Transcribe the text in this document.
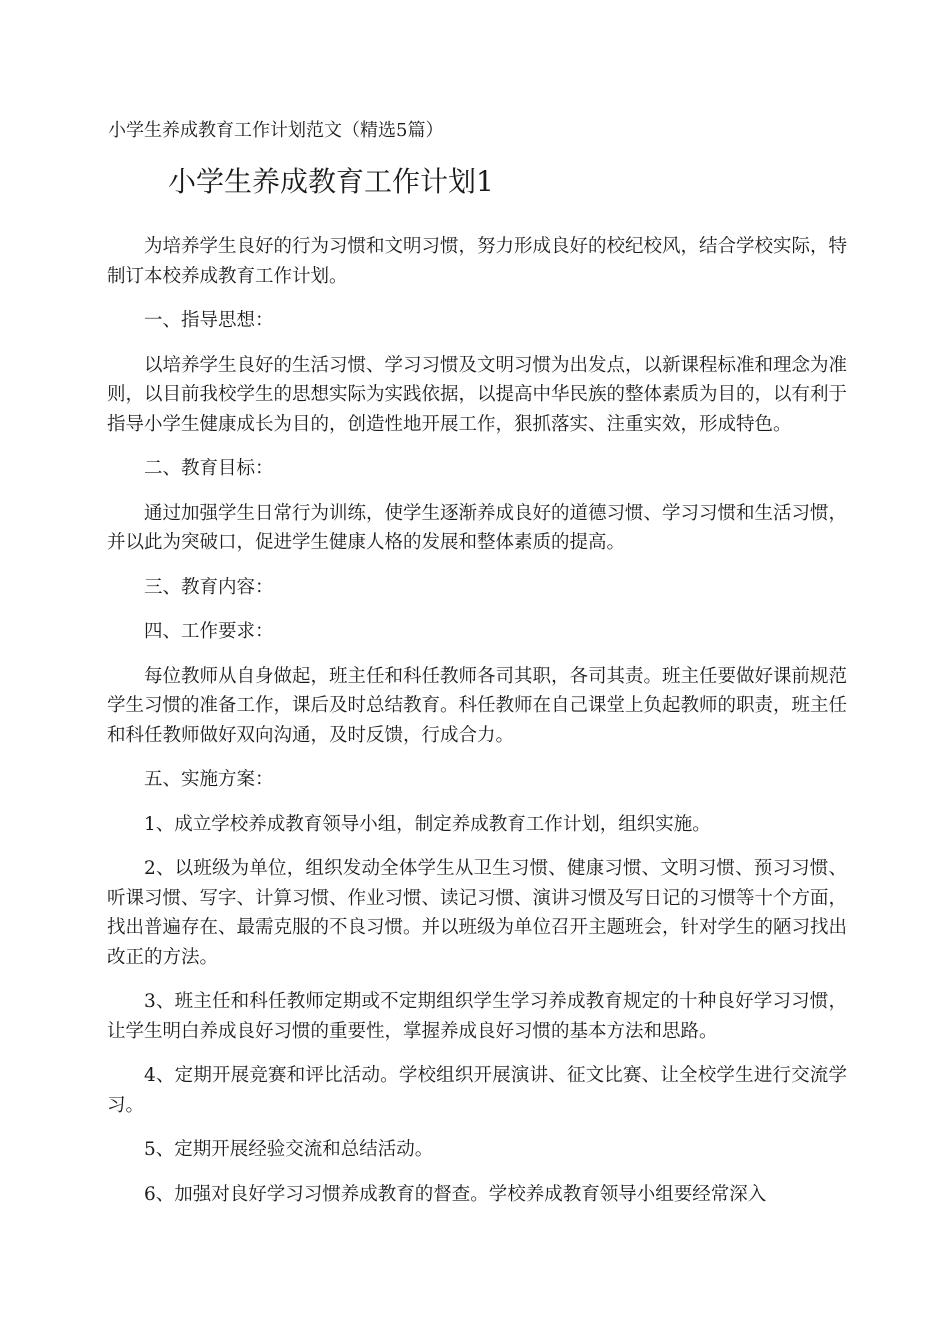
小学生养成教育工作计划范文（精选5篇）
小学生养成教育工作计划1

为培养学生良好的行为习惯和文明习惯，努力形成良好的校纪校风，结合学校实际，特制订本校养成教育工作计划。

一、指导思想：

以培养学生良好的生活习惯、学习习惯及文明习惯为出发点，以新课程标准和理念为准则，以目前我校学生的思想实际为实践依据，以提高中华民族的整体素质为目的，以有利于指导小学生健康成长为目的，创造性地开展工作，狠抓落实、注重实效，形成特色。

二、教育目标：

通过加强学生日常行为训练，使学生逐渐养成良好的道德习惯、学习习惯和生活习惯，并以此为突破口，促进学生健康人格的发展和整体素质的提高。

三、教育内容：

四、工作要求：

每位教师从自身做起，班主任和科任教师各司其职，各司其责。班主任要做好课前规范学生习惯的准备工作，课后及时总结教育。科任教师在自己课堂上负起教师的职责，班主任和科任教师做好双向沟通，及时反馈，行成合力。

五、实施方案：

1、成立学校养成教育领导小组，制定养成教育工作计划，组织实施。

2、以班级为单位，组织发动全体学生从卫生习惯、健康习惯、文明习惯、预习习惯、听课习惯、写字、计算习惯、作业习惯、读记习惯、演讲习惯及写日记的习惯等十个方面，找出普遍存在、最需克服的不良习惯。并以班级为单位召开主题班会，针对学生的陋习找出改正的方法。

3、班主任和科任教师定期或不定期组织学生学习养成教育规定的十种良好学习习惯，让学生明白养成良好习惯的重要性，掌握养成良好习惯的基本方法和思路。

4、定期开展竞赛和评比活动。学校组织开展演讲、征文比赛、让全校学生进行交流学习。

5、定期开展经验交流和总结活动。

6、加强对良好学习习惯养成教育的督查。学校养成教育领导小组要经常深入
